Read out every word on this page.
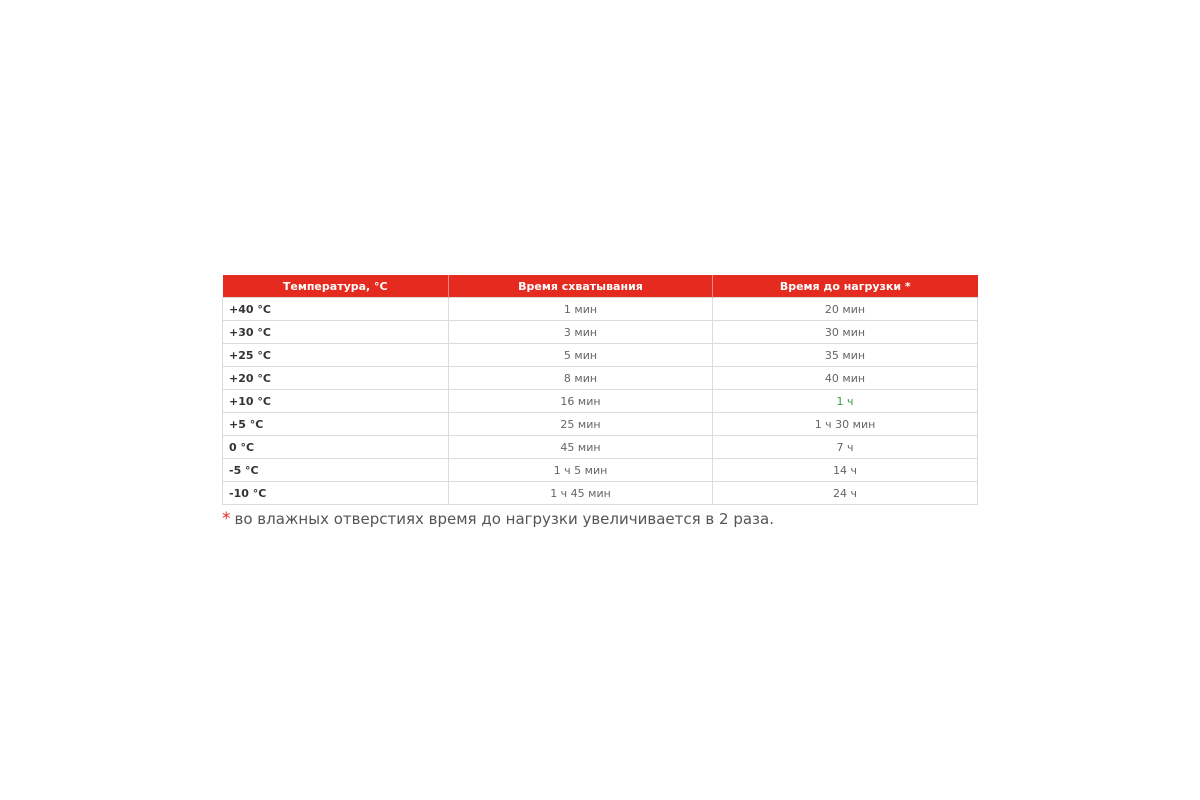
Температура, °C	Время схватывания	Время до нагрузки *
+40 °C	1 мин	20 мин
+30 °C	3 мин	30 мин
+25 °C	5 мин	35 мин
+20 °C	8 мин	40 мин
+10 °C	16 мин	1 ч
+5 °C	25 мин	1 ч 30 мин
0 °C	45 мин	7 ч
-5 °C	1 ч 5 мин	14 ч
-10 °C	1 ч 45 мин	24 ч
* во влажных отверстиях время до нагрузки увеличивается в 2 раза.
